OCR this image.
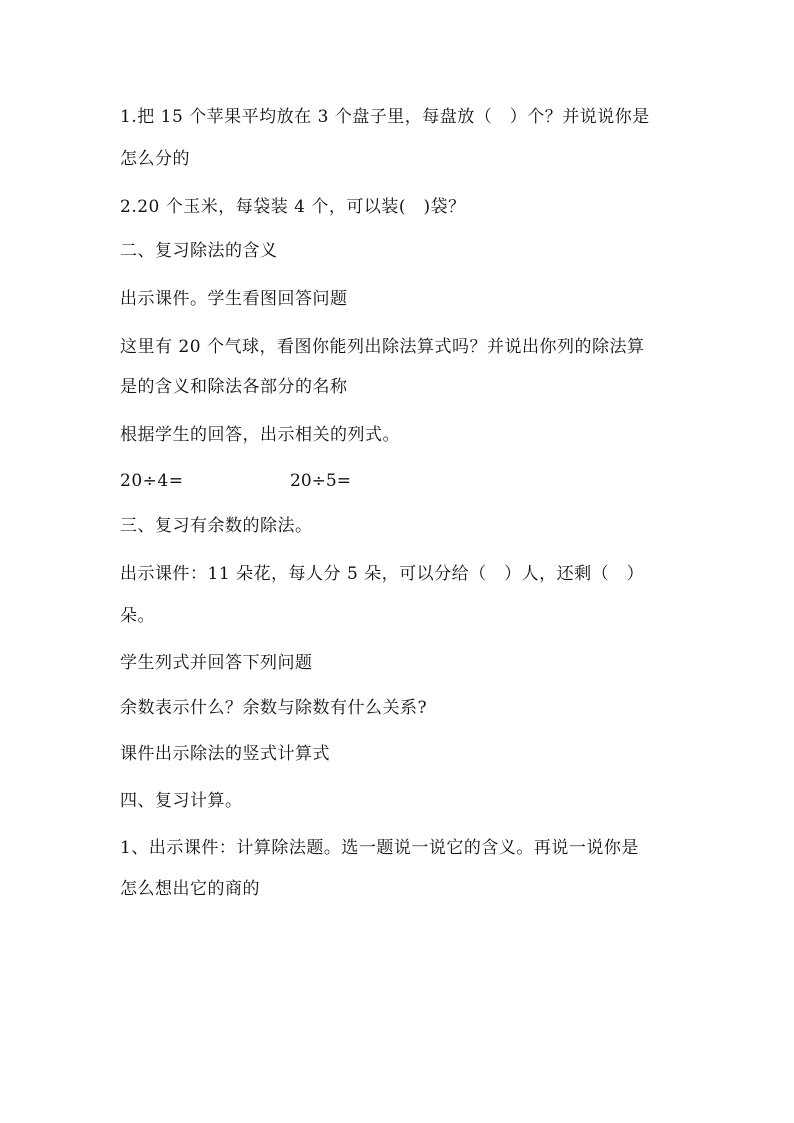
1.把 15 个苹果平均放在 3 个盘子里，每盘放（　）个？并说说你是
怎么分的
2.20 个玉米，每袋装 4 个，可以装(　)袋？
二、复习除法的含义
出示课件。学生看图回答问题
这里有 20 个气球，看图你能列出除法算式吗？并说出你列的除法算
是的含义和除法各部分的名称
根据学生的回答，出示相关的列式。
20÷4=	20÷5=
三、复习有余数的除法。
出示课件：11 朵花，每人分 5 朵，可以分给（　）人，还剩（　）
朵。
学生列式并回答下列问题
余数表示什么？余数与除数有什么关系?
课件出示除法的竖式计算式
四、复习计算。
1、出示课件：计算除法题。选一题说一说它的含义。再说一说你是
怎么想出它的商的
